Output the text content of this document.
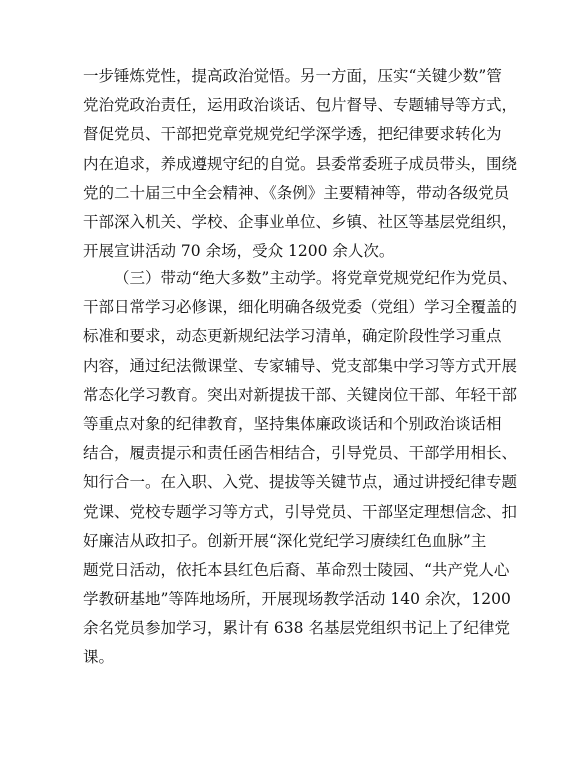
一步锤炼党性，提高政治觉悟。另一方面，压实“关键少数”管
党治党政治责任，运用政治谈话、包片督导、专题辅导等方式，
督促党员、干部把党章党规党纪学深学透，把纪律要求转化为
内在追求，养成遵规守纪的自觉。县委常委班子成员带头，围绕
党的二十届三中全会精神、《条例》主要精神等，带动各级党员
干部深入机关、学校、企事业单位、乡镇、社区等基层党组织，
开展宣讲活动 70 余场，受众 1200 余人次。
（三）带动“绝大多数”主动学。将党章党规党纪作为党员、
干部日常学习必修课，细化明确各级党委（党组）学习全覆盖的
标准和要求，动态更新规纪法学习清单，确定阶段性学习重点
内容，通过纪法微课堂、专家辅导、党支部集中学习等方式开展
常态化学习教育。突出对新提拔干部、关键岗位干部、年轻干部
等重点对象的纪律教育，坚持集体廉政谈话和个别政治谈话相
结合，履责提示和责任函告相结合，引导党员、干部学用相长、
知行合一。在入职、入党、提拔等关键节点，通过讲授纪律专题
党课、党校专题学习等方式，引导党员、干部坚定理想信念、扣
好廉洁从政扣子。创新开展“深化党纪学习赓续红色血脉”主
题党日活动，依托本县红色后裔、革命烈士陵园、“共产党人心
学教研基地”等阵地场所，开展现场教学活动 140 余次，1200
余名党员参加学习，累计有 638 名基层党组织书记上了纪律党
课。
